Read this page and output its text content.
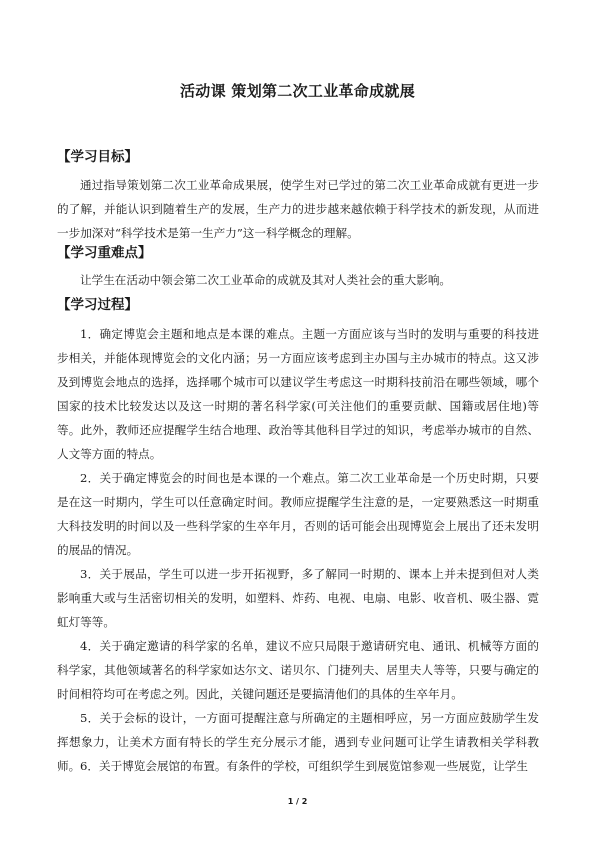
活动课 策划第二次工业革命成就展
【学习目标】
通过指导策划第二次工业革命成果展，使学生对已学过的第二次工业革命成就有更进一步的了解，并能认识到随着生产的发展，生产力的进步越来越依赖于科学技术的新发现，从而进一步加深对“科学技术是第一生产力”这一科学概念的理解。
【学习重难点】
让学生在活动中领会第二次工业革命的成就及其对人类社会的重大影响。
【学习过程】
1．确定博览会主题和地点是本课的难点。主题一方面应该与当时的发明与重要的科技进步相关，并能体现博览会的文化内涵；另一方面应该考虑到主办国与主办城市的特点。这又涉及到博览会地点的选择，选择哪个城市可以建议学生考虑这一时期科技前沿在哪些领域，哪个国家的技术比较发达以及这一时期的著名科学家(可关注他们的重要贡献、国籍或居住地)等等。此外，教师还应提醒学生结合地理、政治等其他科目学过的知识，考虑举办城市的自然、人文等方面的特点。
2．关于确定博览会的时间也是本课的一个难点。第二次工业革命是一个历史时期，只要是在这一时期内，学生可以任意确定时间。教师应提醒学生注意的是，一定要熟悉这一时期重大科技发明的时间以及一些科学家的生卒年月，否则的话可能会出现博览会上展出了还未发明的展品的情况。
3．关于展品，学生可以进一步开拓视野，多了解同一时期的、课本上并未提到但对人类影响重大或与生活密切相关的发明，如塑料、炸药、电视、电扇、电影、收音机、吸尘器、霓虹灯等等。
4．关于确定邀请的科学家的名单，建议不应只局限于邀请研究电、通讯、机械等方面的科学家，其他领域著名的科学家如达尔文、诺贝尔、门捷列夫、居里夫人等等，只要与确定的时间相符均可在考虑之列。因此，关键问题还是要搞清他们的具体的生卒年月。
5．关于会标的设计，一方面可提醒注意与所确定的主题相呼应，另一方面应鼓励学生发挥想象力，让美术方面有特长的学生充分展示才能，遇到专业问题可让学生请教相关学科教师。 6．关于博览会展馆的布置。有条件的学校，可组织学生到展览馆参观一些展览，让学生
1 / 2
